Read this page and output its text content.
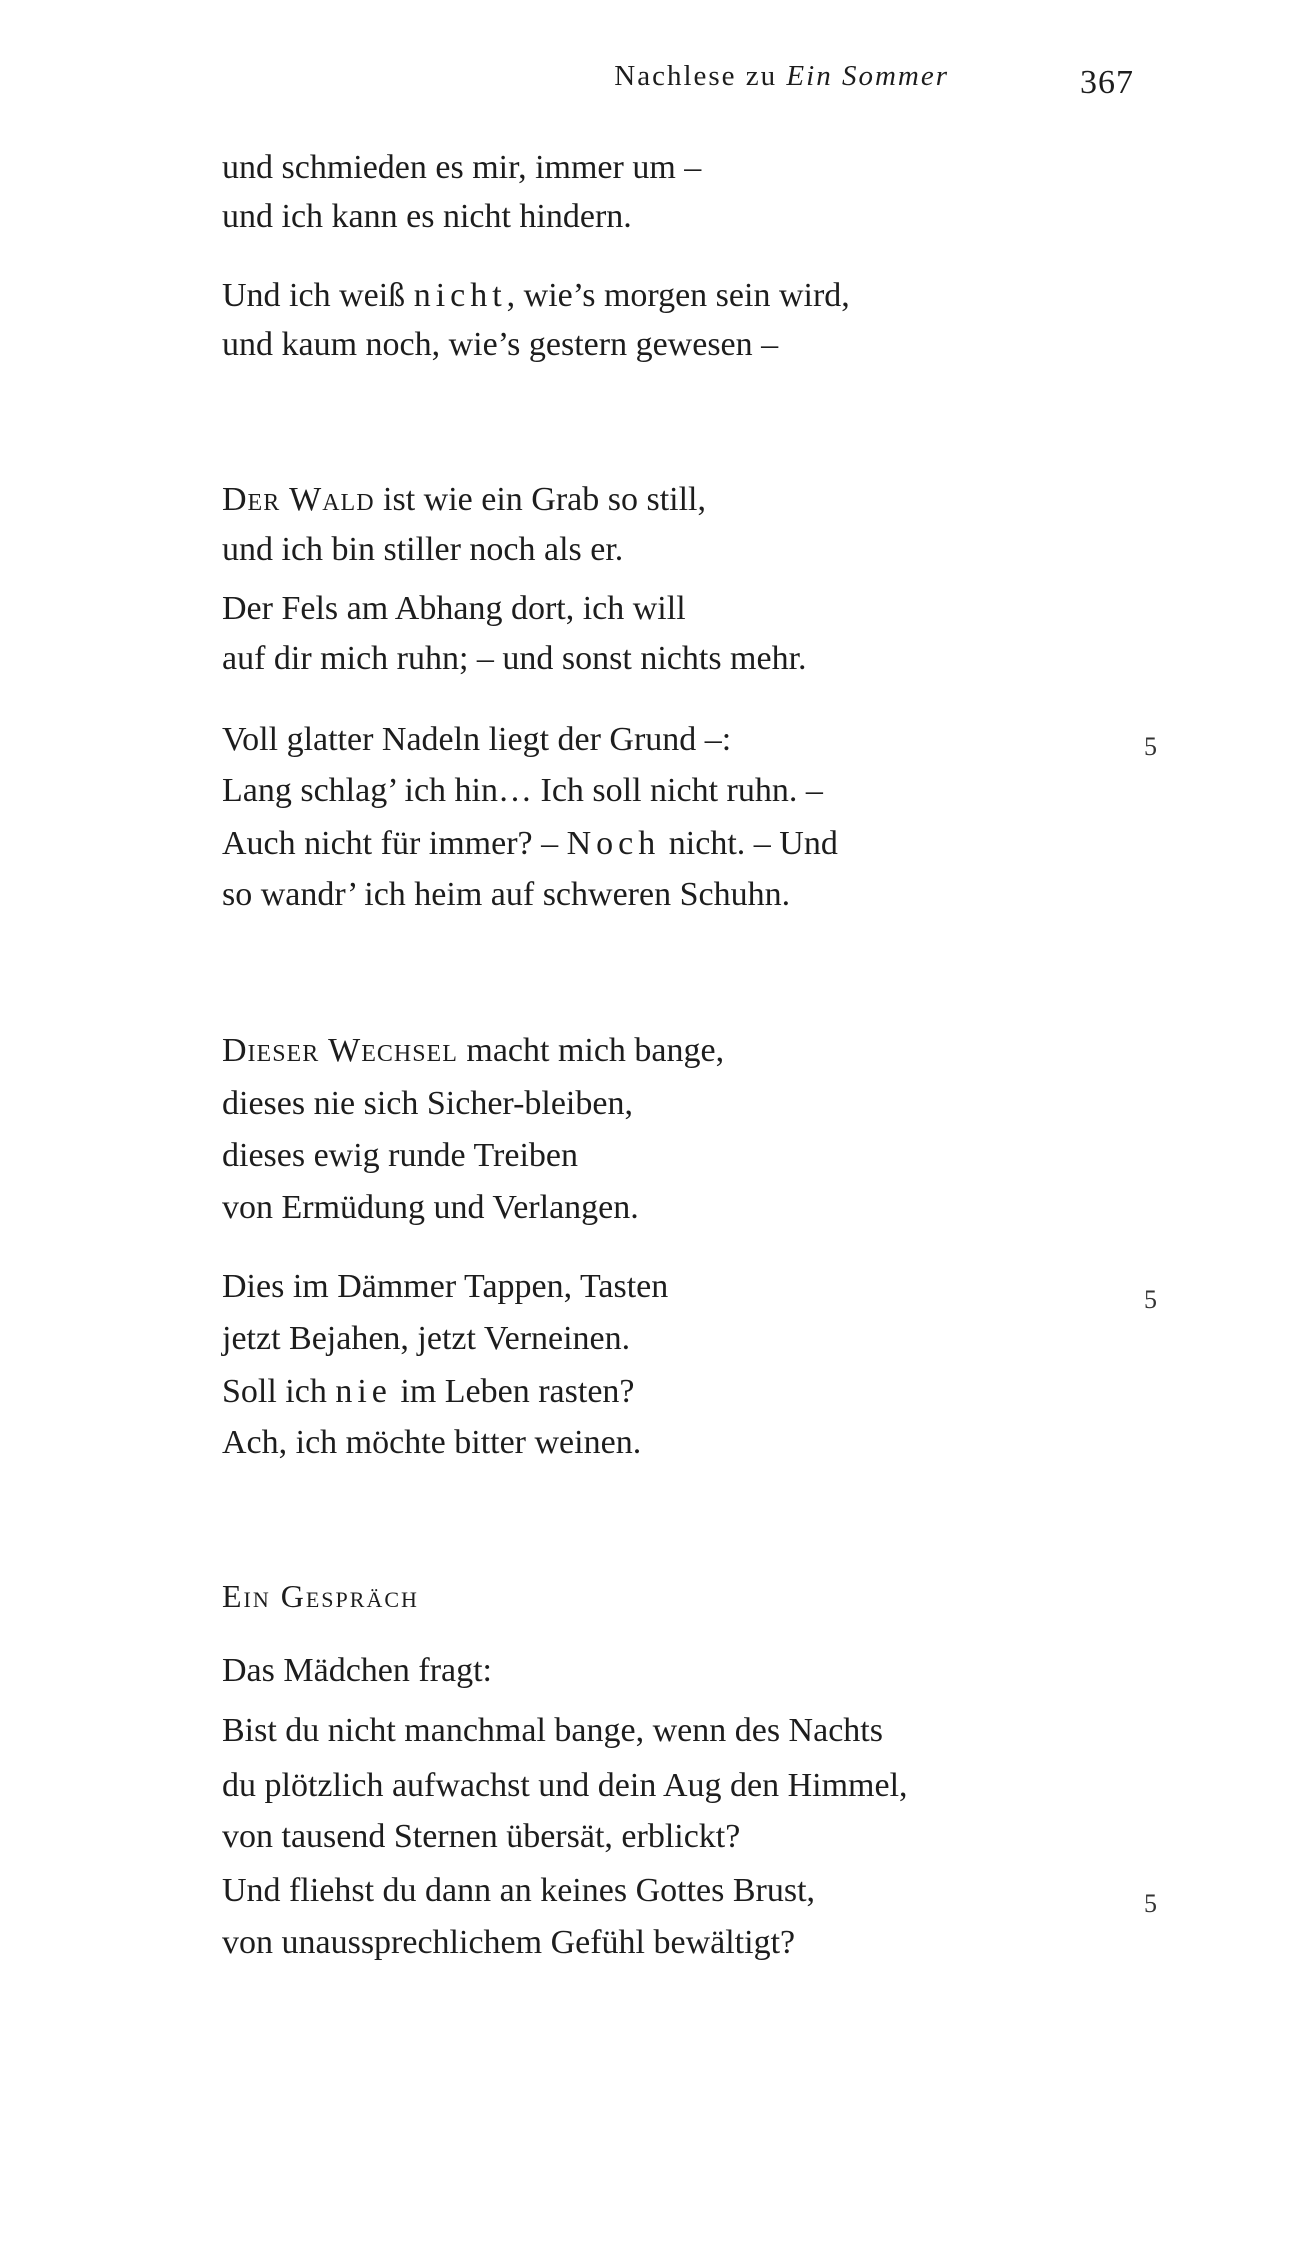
Nachlese zu Ein Sommer	367
und schmieden es mir, immer um –
und ich kann es nicht hindern.
Und ich weiß nicht, wie’s morgen sein wird,
und kaum noch, wie’s gestern gewesen –
Der Wald ist wie ein Grab so still,
und ich bin stiller noch als er.
Der Fels am Abhang dort, ich will
auf dir mich ruhn; – und sonst nichts mehr.
Voll glatter Nadeln liegt der Grund –:	5
Lang schlag’ ich hin… Ich soll nicht ruhn. –
Auch nicht für immer? – Noch nicht. – Und
so wandr’ ich heim auf schweren Schuhn.
Dieser Wechsel macht mich bange,
dieses nie sich Sicher-bleiben,
dieses ewig runde Treiben
von Ermüdung und Verlangen.
Dies im Dämmer Tappen, Tasten	5
jetzt Bejahen, jetzt Verneinen.
Soll ich nie im Leben rasten?
Ach, ich möchte bitter weinen.
Ein Gespräch
Das Mädchen fragt:
Bist du nicht manchmal bange, wenn des Nachts
du plötzlich aufwachst und dein Aug den Himmel,
von tausend Sternen übersät, erblickt?
Und fliehst du dann an keines Gottes Brust,	5
von unaussprechlichem Gefühl bewältigt?
